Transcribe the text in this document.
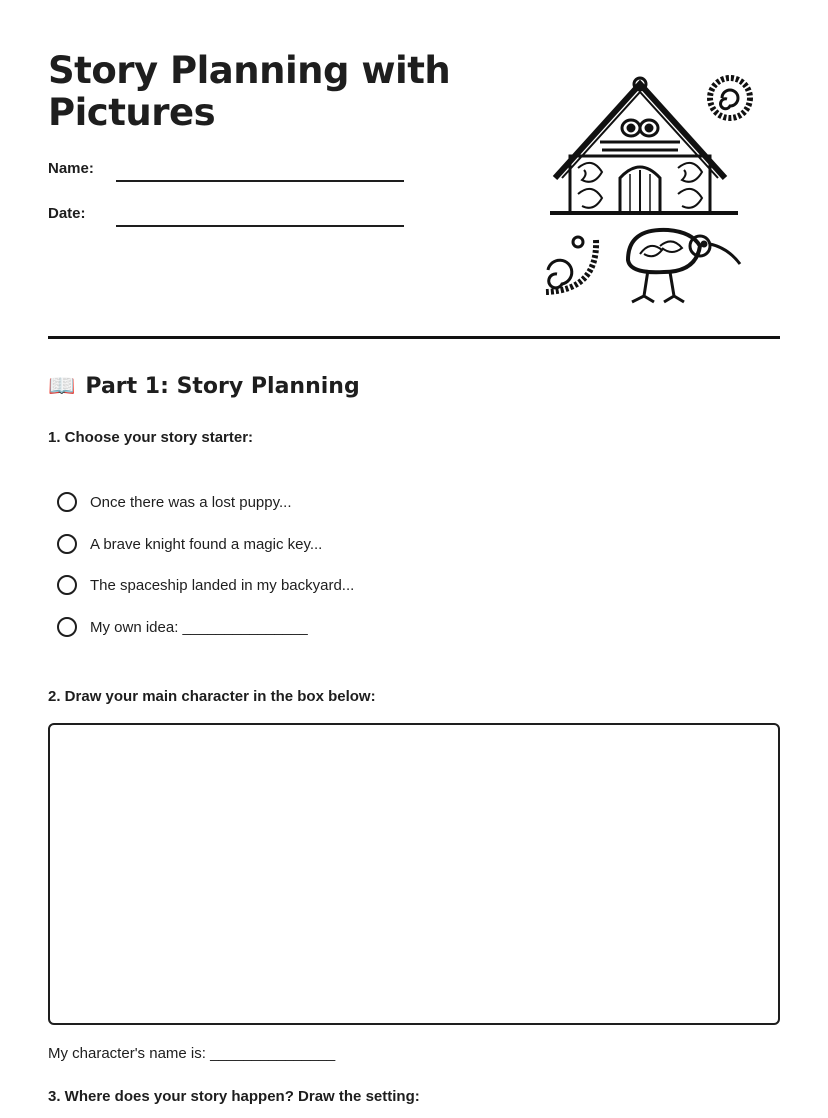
Story Planning with Pictures
Name:
Date:
📖 Part 1: Story Planning
1. Choose your story starter:
Once there was a lost puppy...
A brave knight found a magic key...
The spaceship landed in my backyard...
My own idea: _______________
2. Draw your main character in the box below:
My character's name is: _______________
3. Where does your story happen? Draw the setting:
